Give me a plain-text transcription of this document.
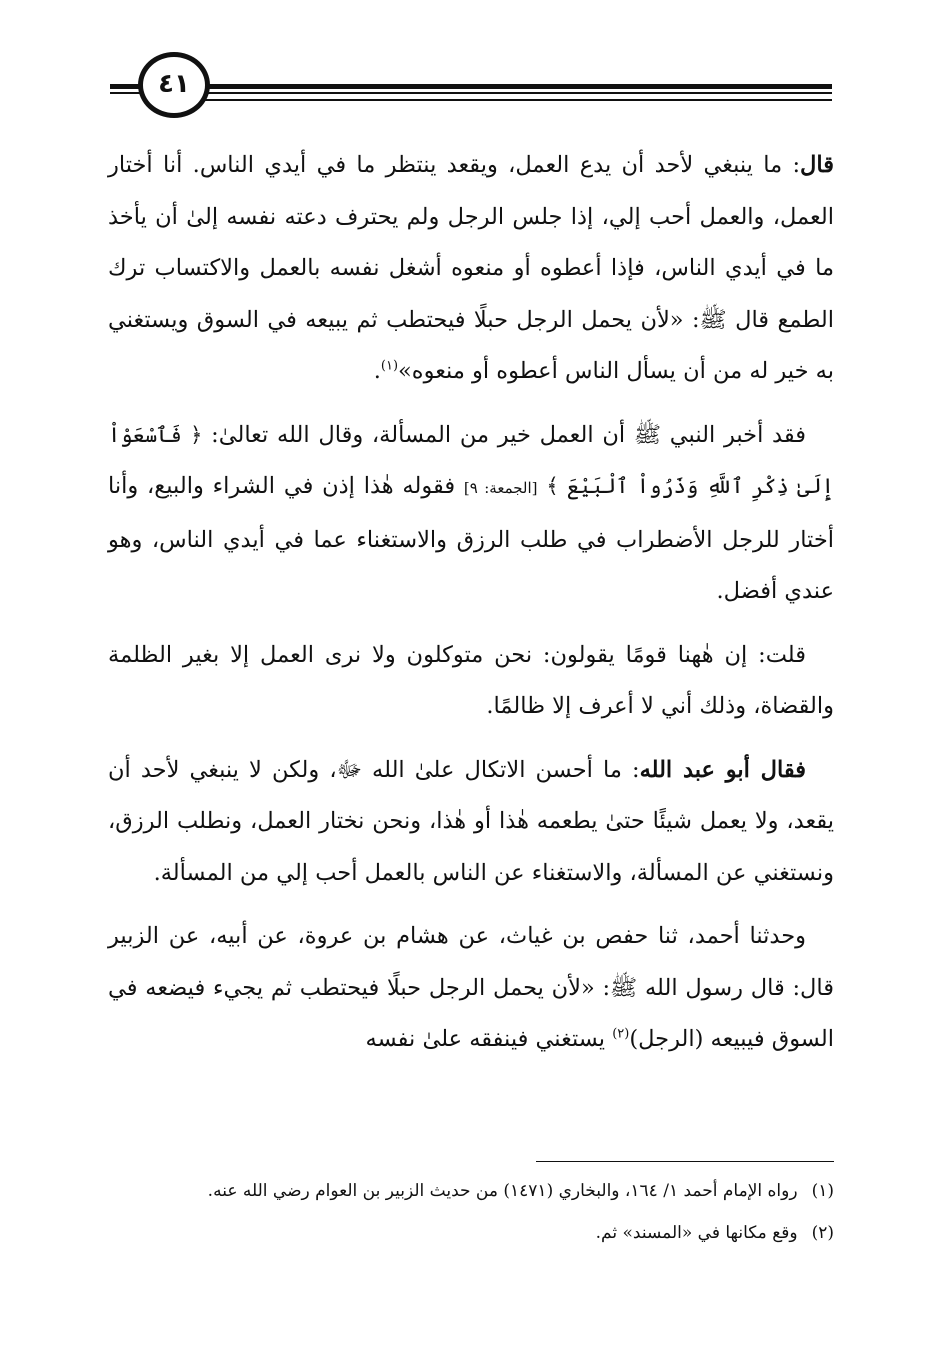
٤١

قال: ما ينبغي لأحد أن يدع العمل، ويقعد ينتظر ما في أيدي الناس. أنا أختار العمل، والعمل أحب إلي، إذا جلس الرجل ولم يحترف دعته نفسه إلىٰ أن يأخذ ما في أيدي الناس، فإذا أعطوه أو منعوه أشغل نفسه بالعمل والاكتساب ترك الطمع قال ﷺ: «لأن يحمل الرجل حبلًا فيحتطب ثم يبيعه في السوق ويستغني به خير له من أن يسأل الناس أعطوه أو منعوه»$^{(١)}$.

فقد أخبر النبي ﷺ أن العمل خير من المسألة، وقال الله تعالىٰ: ﴿ فَٱسْعَوْاْ إِلَىٰ ذِكْرِ ٱللَّهِ وَذَرُواْ ٱلْبَيْعَ ﴾ [الجمعة: ٩] فقوله هٰذا إذن في الشراء والبيع، وأنا أختار للرجل الأضطراب في طلب الرزق والاستغناء عما في أيدي الناس، وهو عندي أفضل.

قلت: إن هٰهنا قومًا يقولون: نحن متوكلون ولا نرى العمل إلا بغير الظلمة والقضاة، وذلك أني لا أعرف إلا ظالمًا.

فقال أبو عبد الله: ما أحسن الاتكال علىٰ الله ﷻ، ولكن لا ينبغي لأحد أن يقعد، ولا يعمل شيئًا حتىٰ يطعمه هٰذا أو هٰذا، ونحن نختار العمل، ونطلب الرزق، ونستغني عن المسألة، والاستغناء عن الناس بالعمل أحب إلي من المسألة.

وحدثنا أحمد، ثنا حفص بن غياث، عن هشام بن عروة، عن أبيه، عن الزبير قال: قال رسول الله ﷺ: «لأن يحمل الرجل حبلًا فيحتطب ثم يجيء فيضعه في السوق فيبيعه (الرجل)$^{(٢)}$ يستغني فينفقه علىٰ نفسه

(١)رواه الإمام أحمد ١/ ١٦٤، والبخاري (١٤٧١) من حديث الزبير بن العوام رضي الله عنه.

(٢)وقع مكانها في «المسند» ثم.
